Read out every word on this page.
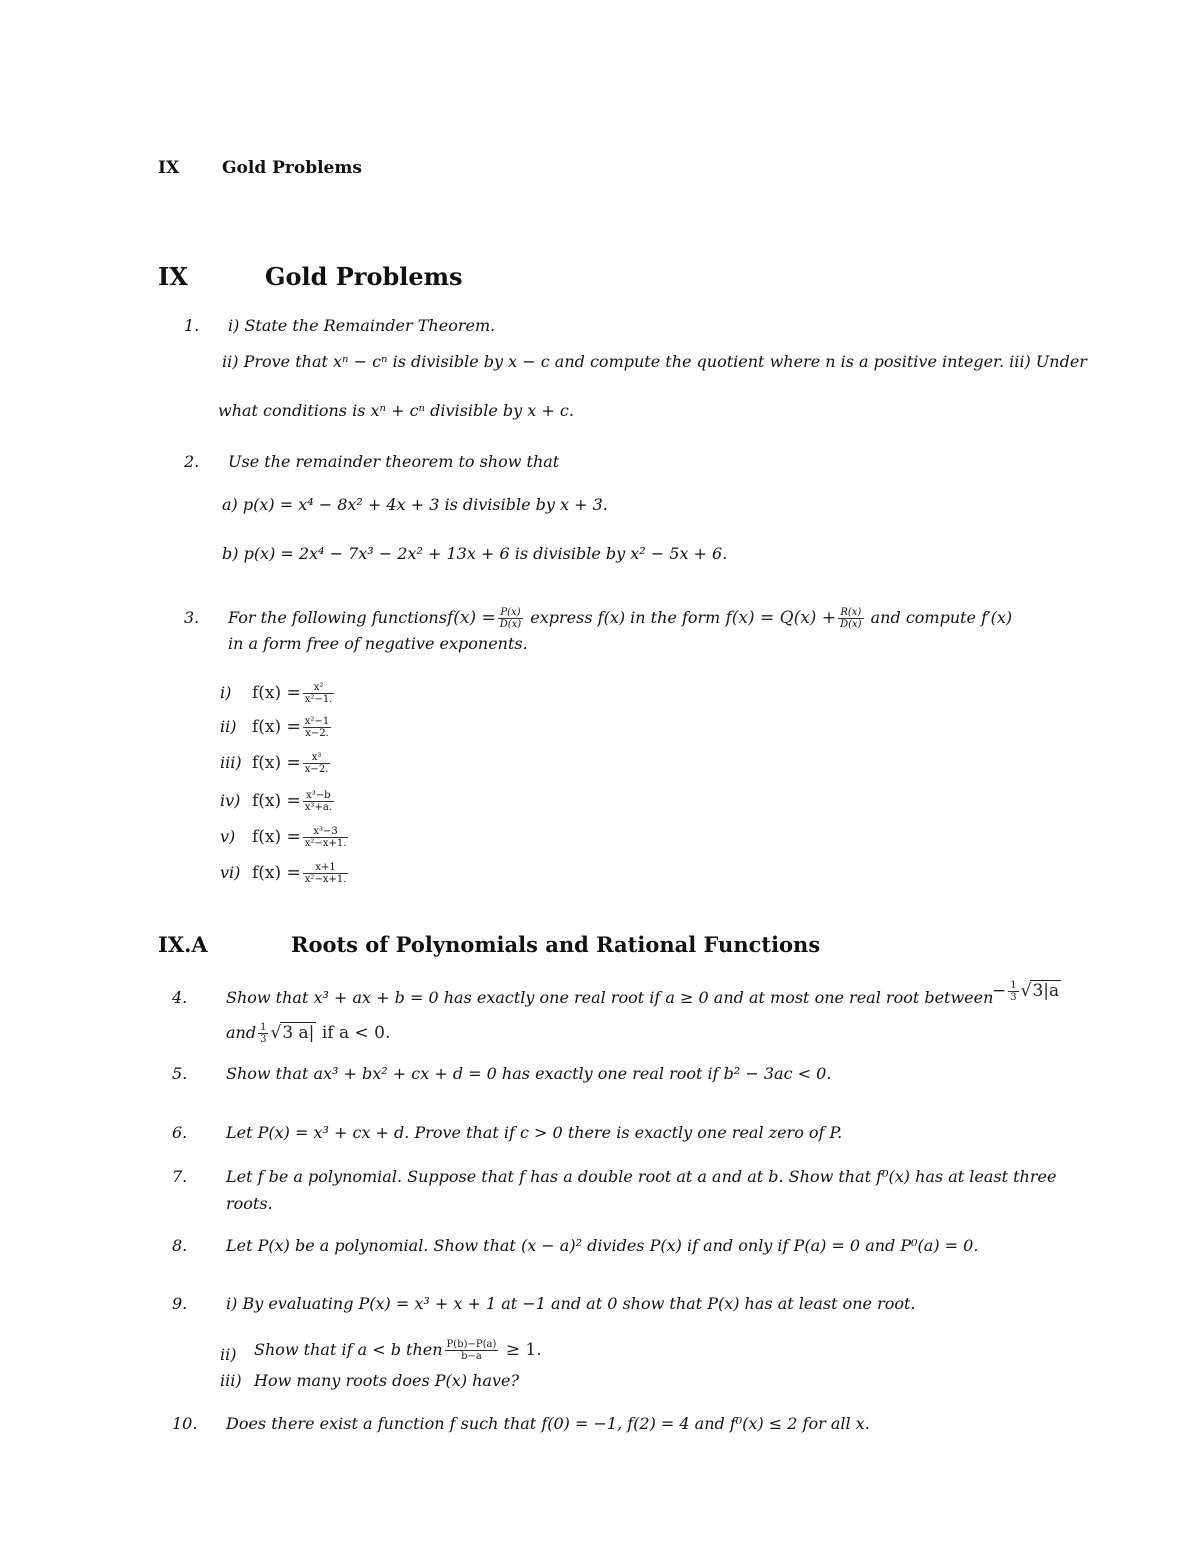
IX	Gold Problems
IX	Gold Problems
1. i) State the Remainder Theorem.
ii) Prove that xⁿ − cⁿ is divisible by x − c and compute the quotient where n is a positive integer. iii) Under
what conditions is xⁿ + cⁿ divisible by x + c.
2. Use the remainder theorem to show that
a) p(x) = x⁴ − 8x² + 4x + 3 is divisible by x + 3.
b) p(x) = 2x⁴ − 7x³ − 2x² + 13x + 6 is divisible by x² − 5x + 6.
3. For the following functionsf(x) = $\frac{P(x)}{D(x)}$ express f(x) in the form $f(x) = Q(x) + \frac{R(x)}{D(x)}$ and compute f′(x)
in a form free of negative exponents.
i) $f(x) = \frac{\text{x²}}{\text{x²−1.}}$
ii) $f(x) = \frac{\text{x²−1}}{x-2.}$
iii) $f(x) = \frac{\text{x³}}{x-2.}$
iv) $f(x) = \frac{\text{x³−b}}{\text{x³+a.}}$
v) $f(x) = \frac{\text{x³−3}}{\text{x²−x+1.}}$
vi) $f(x) = \frac{x+1}{\text{x²−x+1.}}$
IX.A	Roots of Polynomials and Rational Functions
4. Show that x³ + ax + b = 0 has exactly one real root if a ≥ 0 and at most one real root between
− $\frac{1}{3} √3|a$
and $\frac{1}{3} √3$ a| if a < 0.
5. Show that ax³ + bx² + cx + d = 0 has exactly one real root if b² − 3ac < 0.
6. Let P(x) = x³ + cx + d. Prove that if c > 0 there is exactly one real zero of P.
7. Let f be a polynomial. Suppose that f has a double root at a and at b. Show that f⁰(x) has at least three
roots.
8. Let P(x) be a polynomial. Show that (x − a)² divides P(x) if and only if P(a) = 0 and P⁰(a) = 0.
9. i) By evaluating P(x) = x³ + x + 1 at −1 and at 0 show that P(x) has at least one root.
ii) Show that if a < b then $\frac{P(b)-P(a)}{b-a} \ge 1$.
iii) How many roots does P(x) have?
10. Does there exist a function f such that f(0) = −1, f(2) = 4 and f⁰(x) ≤ 2 for all x.
